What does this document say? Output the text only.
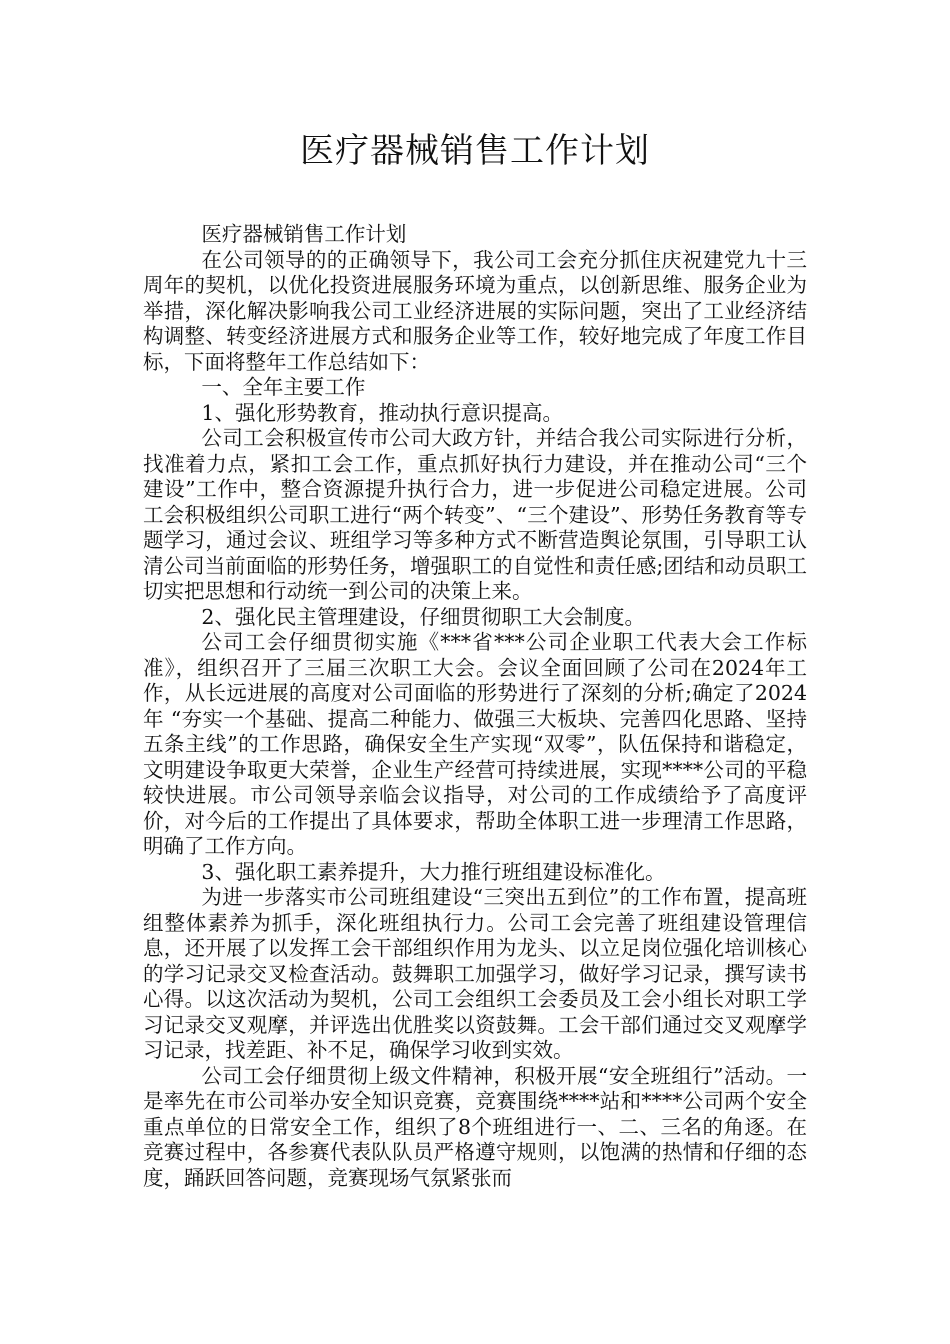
医疗器械销售工作计划

医疗器械销售工作计划

在公司领导的的正确领导下，我公司工会充分抓住庆祝建党九十三周年的契机，以优化投资进展服务环境为重点，以创新思维、服务企业为举措，深化解决影响我公司工业经济进展的实际问题，突出了工业经济结构调整、转变经济进展方式和服务企业等工作，较好地完成了年度工作目标，下面将整年工作总结如下：

一、全年主要工作

1、强化形势教育，推动执行意识提高。

公司工会积极宣传市公司大政方针，并结合我公司实际进行分析，找准着力点，紧扣工会工作，重点抓好执行力建设，并在推动公司“三个建设”工作中，整合资源提升执行合力，进一步促进公司稳定进展。公司工会积极组织公司职工进行“两个转变”、“三个建设”、形势任务教育等专题学习，通过会议、班组学习等多种方式不断营造舆论氛围，引导职工认清公司当前面临的形势任务，增强职工的自觉性和责任感;团结和动员职工切实把思想和行动统一到公司的决策上来。

2、强化民主管理建设，仔细贯彻职工大会制度。

公司工会仔细贯彻实施《***省***公司企业职工代表大会工作标准》，组织召开了三届三次职工大会。会议全面回顾了公司在2024年工作，从长远进展的高度对公司面临的形势进行了深刻的分析;确定了2024年 “夯实一个基础、提高二种能力、做强三大板块、完善四化思路、坚持五条主线”的工作思路，确保安全生产实现“双零”，队伍保持和谐稳定，文明建设争取更大荣誉，企业生产经营可持续进展，实现****公司的平稳较快进展。市公司领导亲临会议指导，对公司的工作成绩给予了高度评价，对今后的工作提出了具体要求，帮助全体职工进一步理清工作思路，明确了工作方向。

3、强化职工素养提升，大力推行班组建设标准化。

为进一步落实市公司班组建设“三突出五到位”的工作布置，提高班组整体素养为抓手，深化班组执行力。公司工会完善了班组建设管理信息，还开展了以发挥工会干部组织作用为龙头、以立足岗位强化培训核心的学习记录交叉检查活动。鼓舞职工加强学习，做好学习记录，撰写读书心得。以这次活动为契机，公司工会组织工会委员及工会小组长对职工学习记录交叉观摩，并评选出优胜奖以资鼓舞。工会干部们通过交叉观摩学习记录，找差距、补不足，确保学习收到实效。

公司工会仔细贯彻上级文件精神，积极开展“安全班组行”活动。一是率先在市公司举办安全知识竞赛，竞赛围绕****站和****公司两个安全重点单位的日常安全工作，组织了8个班组进行一、二、三名的角逐。在竞赛过程中，各参赛代表队队员严格遵守规则，以饱满的热情和仔细的态度，踊跃回答问题，竞赛现场气氛紧张而
